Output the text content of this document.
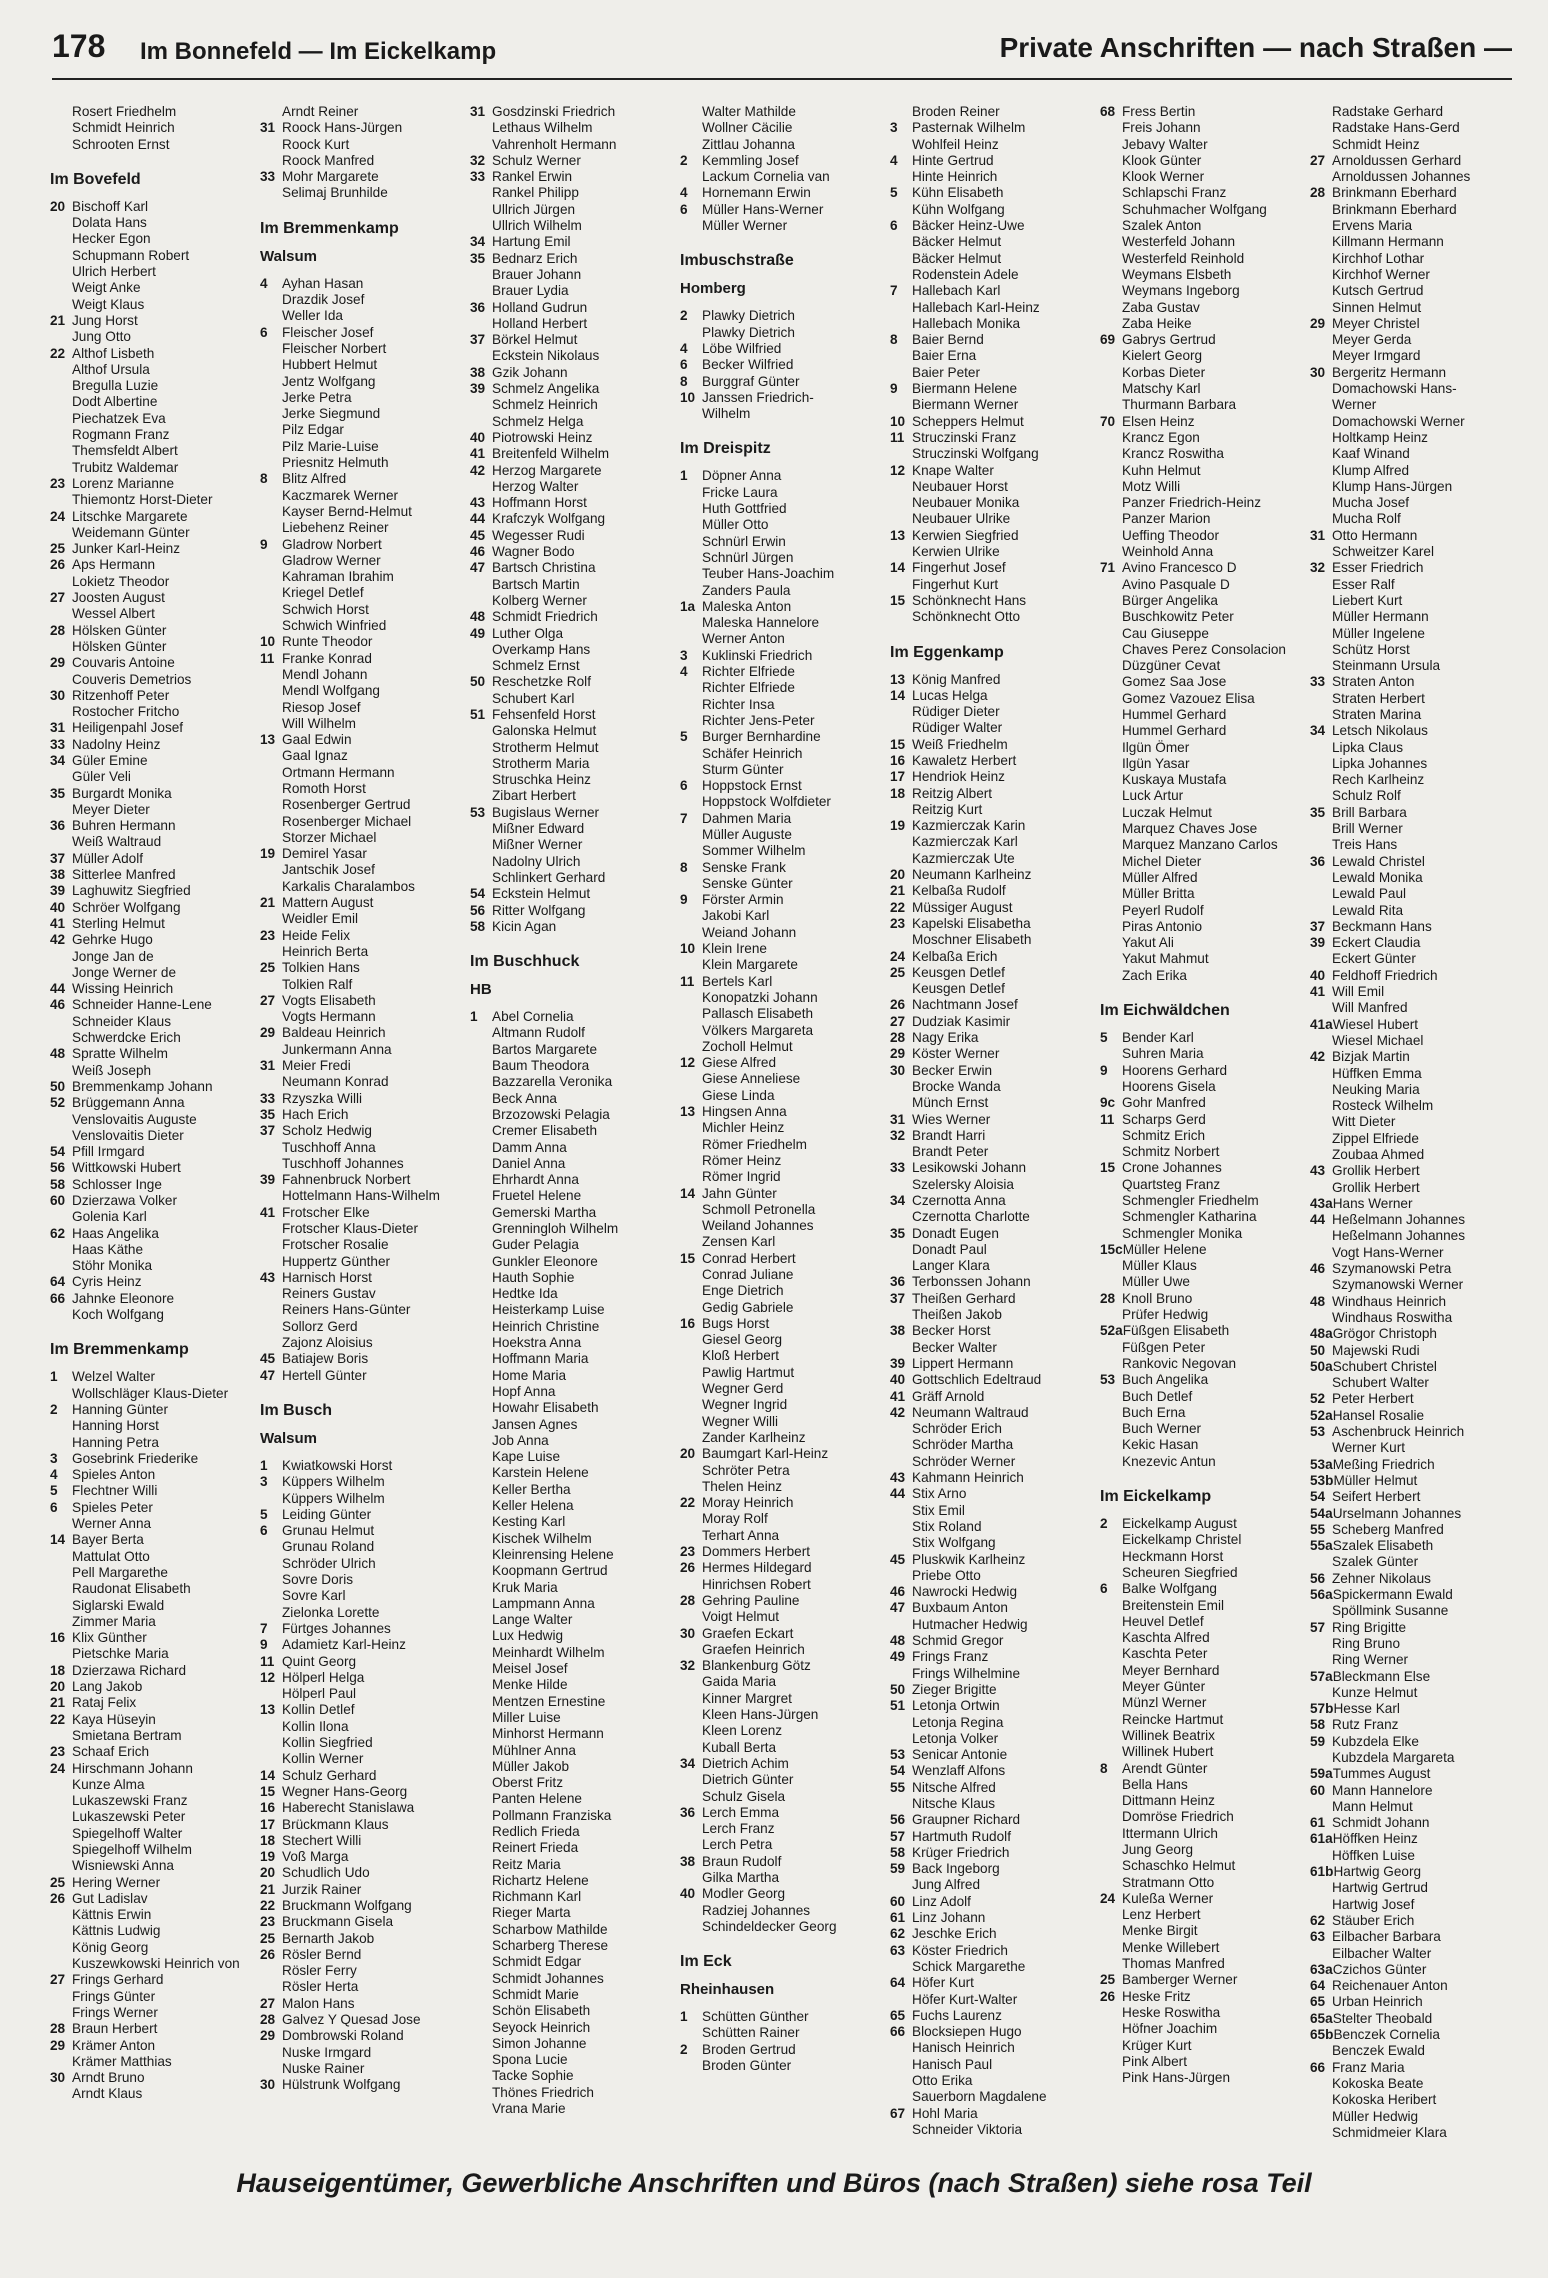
178 Im Bonnefeld — Im Eickelkamp	Private Anschriften — nach Straßen —
Rosert Friedhelm
Schmidt Heinrich
Schrooten Ernst
Im Bovefeld
20 Bischoff Karl
Dolata Hans
Hecker Egon
Schupmann Robert
Ulrich Herbert
Weigt Anke
Weigt Klaus
21 Jung Horst
Jung Otto
22 Althof Lisbeth
Althof Ursula
Bregulla Luzie
Dodt Albertine
Piechatzek Eva
Rogmann Franz
Themsfeldt Albert
Trubitz Waldemar
23 Lorenz Marianne
Thiemontz Horst-Dieter
24 Litschke Margarete
Weidemann Günter
25 Junker Karl-Heinz
26 Aps Hermann
Lokietz Theodor
27 Joosten August
Wessel Albert
28 Hölsken Günter
Hölsken Günter
29 Couvaris Antoine
Couveris Demetrios
30 Ritzenhoff Peter
Rostocher Fritcho
31 Heiligenpahl Josef
33 Nadolny Heinz
34 Güler Emine
Güler Veli
35 Burgardt Monika
Meyer Dieter
36 Buhren Hermann
Weiß Waltraud
37 Müller Adolf
38 Sitterlee Manfred
39 Laghuwitz Siegfried
40 Schröer Wolfgang
41 Sterling Helmut
42 Gehrke Hugo
Jonge Jan de
Jonge Werner de
44 Wissing Heinrich
46 Schneider Hanne-Lene
Schneider Klaus
Schwerdcke Erich
48 Spratte Wilhelm
Weiß Joseph
50 Bremmenkamp Johann
52 Brüggemann Anna
Venslovaitis Auguste
Venslovaitis Dieter
54 Pfill Irmgard
56 Wittkowski Hubert
58 Schlosser Inge
60 Dzierzawa Volker
Golenia Karl
62 Haas Angelika
Haas Käthe
Stöhr Monika
64 Cyris Heinz
66 Jahnke Eleonore
Koch Wolfgang
Im Bremmenkamp
1 Welzel Walter
Wollschläger Klaus-Dieter
2 Hanning Günter
Hanning Horst
Hanning Petra
3 Gosebrink Friederike
4 Spieles Anton
5 Flechtner Willi
6 Spieles Peter
Werner Anna
14 Bayer Berta
Mattulat Otto
Pell Margarethe
Raudonat Elisabeth
Siglarski Ewald
Zimmer Maria
16 Klix Günther
Pietschke Maria
18 Dzierzawa Richard
20 Lang Jakob
21 Rataj Felix
22 Kaya Hüseyin
Smietana Bertram
23 Schaaf Erich
24 Hirschmann Johann
Kunze Alma
Lukaszewski Franz
Lukaszewski Peter
Spiegelhoff Walter
Spiegelhoff Wilhelm
Wisniewski Anna
25 Hering Werner
26 Gut Ladislav
Kättnis Erwin
Kättnis Ludwig
König Georg
Kuszewkowski Heinrich von
27 Frings Gerhard
Frings Günter
Frings Werner
28 Braun Herbert
29 Krämer Anton
Krämer Matthias
30 Arndt Bruno
Arndt Klaus
Arndt Reiner
31 Roock Hans-Jürgen
Roock Kurt
Roock Manfred
33 Mohr Margarete
Selimaj Brunhilde
Im Bremmenkamp
Walsum
4 Ayhan Hasan
Drazdik Josef
Weller Ida
6 Fleischer Josef
Fleischer Norbert
Hubbert Helmut
Jentz Wolfgang
Jerke Petra
Jerke Siegmund
Pilz Edgar
Pilz Marie-Luise
Priesnitz Helmuth
8 Blitz Alfred
Kaczmarek Werner
Kayser Bernd-Helmut
Liebehenz Reiner
9 Gladrow Norbert
Gladrow Werner
Kahraman Ibrahim
Kriegel Detlef
Schwich Horst
Schwich Winfried
10 Runte Theodor
11 Franke Konrad
Mendl Johann
Mendl Wolfgang
Riesop Josef
Will Wilhelm
13 Gaal Edwin
Gaal Ignaz
Ortmann Hermann
Romoth Horst
Rosenberger Gertrud
Rosenberger Michael
Storzer Michael
19 Demirel Yasar
Jantschik Josef
Karkalis Charalambos
21 Mattern August
Weidler Emil
23 Heide Felix
Heinrich Berta
25 Tolkien Hans
Tolkien Ralf
27 Vogts Elisabeth
Vogts Hermann
29 Baldeau Heinrich
Junkermann Anna
31 Meier Fredi
Neumann Konrad
33 Rzyszka Willi
35 Hach Erich
37 Scholz Hedwig
Tuschhoff Anna
Tuschhoff Johannes
39 Fahnenbruck Norbert
Hottelmann Hans-Wilhelm
41 Frotscher Elke
Frotscher Klaus-Dieter
Frotscher Rosalie
Huppertz Günther
43 Harnisch Horst
Reiners Gustav
Reiners Hans-Günter
Sollorz Gerd
Zajonz Aloisius
45 Batiajew Boris
47 Hertell Günter
Im Busch
Walsum
1 Kwiatkowski Horst
3 Küppers Wilhelm
Küppers Wilhelm
5 Leiding Günter
6 Grunau Helmut
Grunau Roland
Schröder Ulrich
Sovre Doris
Sovre Karl
Zielonka Lorette
7 Fürtges Johannes
9 Adamietz Karl-Heinz
11 Quint Georg
12 Hölperl Helga
Hölperl Paul
13 Kollin Detlef
Kollin Ilona
Kollin Siegfried
Kollin Werner
14 Schulz Gerhard
15 Wegner Hans-Georg
16 Haberecht Stanislawa
17 Brückmann Klaus
18 Stechert Willi
19 Voß Marga
20 Schudlich Udo
21 Jurzik Rainer
22 Bruckmann Wolfgang
23 Bruckmann Gisela
25 Bernarth Jakob
26 Rösler Bernd
Rösler Ferry
Rösler Herta
27 Malon Hans
28 Galvez Y Quesad Jose
29 Dombrowski Roland
Nuske Irmgard
Nuske Rainer
30 Hülstrunk Wolfgang
31 Gosdzinski Friedrich
Lethaus Wilhelm
Vahrenholt Hermann
32 Schulz Werner
33 Rankel Erwin
Rankel Philipp
Ullrich Jürgen
Ullrich Wilhelm
34 Hartung Emil
35 Bednarz Erich
Brauer Johann
Brauer Lydia
36 Holland Gudrun
Holland Herbert
37 Börkel Helmut
Eckstein Nikolaus
38 Gzik Johann
39 Schmelz Angelika
Schmelz Heinrich
Schmelz Helga
40 Piotrowski Heinz
41 Breitenfeld Wilhelm
42 Herzog Margarete
Herzog Walter
43 Hoffmann Horst
44 Krafczyk Wolfgang
45 Wegesser Rudi
46 Wagner Bodo
47 Bartsch Christina
Bartsch Martin
Kolberg Werner
48 Schmidt Friedrich
49 Luther Olga
Overkamp Hans
Schmelz Ernst
50 Reschetzke Rolf
Schubert Karl
51 Fehsenfeld Horst
Galonska Helmut
Strotherm Helmut
Strotherm Maria
Struschka Heinz
Zibart Herbert
53 Bugislaus Werner
Mißner Edward
Mißner Werner
Nadolny Ulrich
Schlinkert Gerhard
54 Eckstein Helmut
56 Ritter Wolfgang
58 Kicin Agan
Im Buschhuck
HB
1 Abel Cornelia
Altmann Rudolf
Bartos Margarete
Baum Theodora
Bazzarella Veronika
Beck Anna
Brzozowski Pelagia
Cremer Elisabeth
Damm Anna
Daniel Anna
Ehrhardt Anna
Fruetel Helene
Gemerski Martha
Grenningloh Wilhelm
Guder Pelagia
Gunkler Eleonore
Hauth Sophie
Hedtke Ida
Heisterkamp Luise
Heinrich Christine
Hoekstra Anna
Hoffmann Maria
Home Maria
Hopf Anna
Howahr Elisabeth
Jansen Agnes
Job Anna
Kape Luise
Karstein Helene
Keller Bertha
Keller Helena
Kesting Karl
Kischek Wilhelm
Kleinrensing Helene
Koopmann Gertrud
Kruk Maria
Lampmann Anna
Lange Walter
Lux Hedwig
Meinhardt Wilhelm
Meisel Josef
Menke Hilde
Mentzen Ernestine
Miller Luise
Minhorst Hermann
Mühlner Anna
Müller Jakob
Oberst Fritz
Panten Helene
Pollmann Franziska
Redlich Frieda
Reinert Frieda
Reitz Maria
Richartz Helene
Richmann Karl
Rieger Marta
Scharbow Mathilde
Scharberg Therese
Schmidt Edgar
Schmidt Johannes
Schmidt Marie
Schön Elisabeth
Seyock Heinrich
Simon Johanne
Spona Lucie
Tacke Sophie
Thönes Friedrich
Vrana Marie
Walter Mathilde
Wollner Cäcilie
Zittlau Johanna
2 Kemmling Josef
Lackum Cornelia van
4 Hornemann Erwin
6 Müller Hans-Werner
Müller Werner
Imbuschstraße
Homberg
2 Plawky Dietrich
Plawky Dietrich
4 Löbe Wilfried
6 Becker Wilfried
8 Burggraf Günter
10 Janssen Friedrich-
Wilhelm
Im Dreispitz
1 Döpner Anna
Fricke Laura
Huth Gottfried
Müller Otto
Schnürl Erwin
Schnürl Jürgen
Teuber Hans-Joachim
Zanders Paula
1a Maleska Anton
Maleska Hannelore
Werner Anton
3 Kuklinski Friedrich
4 Richter Elfriede
Richter Elfriede
Richter Insa
Richter Jens-Peter
5 Burger Bernhardine
Schäfer Heinrich
Sturm Günter
6 Hoppstock Ernst
Hoppstock Wolfdieter
7 Dahmen Maria
Müller Auguste
Sommer Wilhelm
8 Senske Frank
Senske Günter
9 Förster Armin
Jakobi Karl
Weiand Johann
10 Klein Irene
Klein Margarete
11 Bertels Karl
Konopatzki Johann
Pallasch Elisabeth
Völkers Margareta
Zocholl Helmut
12 Giese Alfred
Giese Anneliese
Giese Linda
13 Hingsen Anna
Michler Heinz
Römer Friedhelm
Römer Heinz
Römer Ingrid
14 Jahn Günter
Schmoll Petronella
Weiland Johannes
Zensen Karl
15 Conrad Herbert
Conrad Juliane
Enge Dietrich
Gedig Gabriele
16 Bugs Horst
Giesel Georg
Kloß Herbert
Pawlig Hartmut
Wegner Gerd
Wegner Ingrid
Wegner Willi
Zander Karlheinz
20 Baumgart Karl-Heinz
Schröter Petra
Thelen Heinz
22 Moray Heinrich
Moray Rolf
Terhart Anna
23 Dommers Herbert
26 Hermes Hildegard
Hinrichsen Robert
28 Gehring Pauline
Voigt Helmut
30 Graefen Eckart
Graefen Heinrich
32 Blankenburg Götz
Gaida Maria
Kinner Margret
Kleen Hans-Jürgen
Kleen Lorenz
Kuball Berta
34 Dietrich Achim
Dietrich Günter
Schulz Gisela
36 Lerch Emma
Lerch Franz
Lerch Petra
38 Braun Rudolf
Gilka Martha
40 Modler Georg
Radziej Johannes
Schindeldecker Georg
Im Eck
Rheinhausen
1 Schütten Günther
Schütten Rainer
2 Broden Gertrud
Broden Günter
Broden Reiner
3 Pasternak Wilhelm
Wohlfeil Heinz
4 Hinte Gertrud
Hinte Heinrich
5 Kühn Elisabeth
Kühn Wolfgang
6 Bäcker Heinz-Uwe
Bäcker Helmut
Bäcker Helmut
Rodenstein Adele
7 Hallebach Karl
Hallebach Karl-Heinz
Hallebach Monika
8 Baier Bernd
Baier Erna
Baier Peter
9 Biermann Helene
Biermann Werner
10 Scheppers Helmut
11 Struczinski Franz
Struczinski Wolfgang
12 Knape Walter
Neubauer Horst
Neubauer Monika
Neubauer Ulrike
13 Kerwien Siegfried
Kerwien Ulrike
14 Fingerhut Josef
Fingerhut Kurt
15 Schönknecht Hans
Schönknecht Otto
Im Eggenkamp
13 König Manfred
14 Lucas Helga
Rüdiger Dieter
Rüdiger Walter
15 Weiß Friedhelm
16 Kawaletz Herbert
17 Hendriok Heinz
18 Reitzig Albert
Reitzig Kurt
19 Kazmierczak Karin
Kazmierczak Karl
Kazmierczak Ute
20 Neumann Karlheinz
21 Kelbaßa Rudolf
22 Müssiger August
23 Kapelski Elisabetha
Moschner Elisabeth
24 Kelbaßa Erich
25 Keusgen Detlef
Keusgen Detlef
26 Nachtmann Josef
27 Dudziak Kasimir
28 Nagy Erika
29 Köster Werner
30 Becker Erwin
Brocke Wanda
Münch Ernst
31 Wies Werner
32 Brandt Harri
Brandt Peter
33 Lesikowski Johann
Szelersky Aloisia
34 Czernotta Anna
Czernotta Charlotte
35 Donadt Eugen
Donadt Paul
Langer Klara
36 Terbonssen Johann
37 Theißen Gerhard
Theißen Jakob
38 Becker Horst
Becker Walter
39 Lippert Hermann
40 Gottschlich Edeltraud
41 Gräff Arnold
42 Neumann Waltraud
Schröder Erich
Schröder Martha
Schröder Werner
43 Kahmann Heinrich
44 Stix Arno
Stix Emil
Stix Roland
Stix Wolfgang
45 Pluskwik Karlheinz
Priebe Otto
46 Nawrocki Hedwig
47 Buxbaum Anton
Hutmacher Hedwig
48 Schmid Gregor
49 Frings Franz
Frings Wilhelmine
50 Zieger Brigitte
51 Letonja Ortwin
Letonja Regina
Letonja Volker
53 Senicar Antonie
54 Wenzlaff Alfons
55 Nitsche Alfred
Nitsche Klaus
56 Graupner Richard
57 Hartmuth Rudolf
58 Krüger Friedrich
59 Back Ingeborg
Jung Alfred
60 Linz Adolf
61 Linz Johann
62 Jeschke Erich
63 Köster Friedrich
Schick Margarethe
64 Höfer Kurt
Höfer Kurt-Walter
65 Fuchs Laurenz
66 Blocksiepen Hugo
Hanisch Heinrich
Hanisch Paul
Otto Erika
Sauerborn Magdalene
67 Hohl Maria
Schneider Viktoria
68 Fress Bertin
Freis Johann
Jebavy Walter
Klook Günter
Klook Werner
Schlapschi Franz
Schuhmacher Wolfgang
Szalek Anton
Westerfeld Johann
Westerfeld Reinhold
Weymans Elsbeth
Weymans Ingeborg
Zaba Gustav
Zaba Heike
69 Gabrys Gertrud
Kielert Georg
Korbas Dieter
Matschy Karl
Thurmann Barbara
70 Elsen Heinz
Krancz Egon
Krancz Roswitha
Kuhn Helmut
Motz Willi
Panzer Friedrich-Heinz
Panzer Marion
Ueffing Theodor
Weinhold Anna
71 Avino Francesco D
Avino Pasquale D
Bürger Angelika
Buschkowitz Peter
Cau Giuseppe
Chaves Perez Consolacion
Düzgüner Cevat
Gomez Saa Jose
Gomez Vazouez Elisa
Hummel Gerhard
Hummel Gerhard
Ilgün Ömer
Ilgün Yasar
Kuskaya Mustafa
Luck Artur
Luczak Helmut
Marquez Chaves Jose
Marquez Manzano Carlos
Michel Dieter
Müller Alfred
Müller Britta
Peyerl Rudolf
Piras Antonio
Yakut Ali
Yakut Mahmut
Zach Erika
Im Eichwäldchen
5 Bender Karl
Suhren Maria
9 Hoorens Gerhard
Hoorens Gisela
9c Gohr Manfred
11 Scharps Gerd
Schmitz Erich
Schmitz Norbert
15 Crone Johannes
Quartsteg Franz
Schmengler Friedhelm
Schmengler Katharina
Schmengler Monika
15cMüller Helene
Müller Klaus
Müller Uwe
28 Knoll Bruno
Prüfer Hedwig
52aFüßgen Elisabeth
Füßgen Peter
Rankovic Negovan
53 Buch Angelika
Buch Detlef
Buch Erna
Buch Werner
Kekic Hasan
Knezevic Antun
Im Eickelkamp
2 Eickelkamp August
Eickelkamp Christel
Heckmann Horst
Scheuren Siegfried
6 Balke Wolfgang
Breitenstein Emil
Heuvel Detlef
Kaschta Alfred
Kaschta Peter
Meyer Bernhard
Meyer Günter
Münzl Werner
Reincke Hartmut
Willinek Beatrix
Willinek Hubert
8 Arendt Günter
Bella Hans
Dittmann Heinz
Domröse Friedrich
Ittermann Ulrich
Jung Georg
Schaschko Helmut
Stratmann Otto
24 Kuleßa Werner
Lenz Herbert
Menke Birgit
Menke Willebert
Thomas Manfred
25 Bamberger Werner
26 Heske Fritz
Heske Roswitha
Höfner Joachim
Krüger Kurt
Pink Albert
Pink Hans-Jürgen
Radstake Gerhard
Radstake Hans-Gerd
Schmidt Heinz
27 Arnoldussen Gerhard
Arnoldussen Johannes
28 Brinkmann Eberhard
Brinkmann Eberhard
Ervens Maria
Killmann Hermann
Kirchhof Lothar
Kirchhof Werner
Kutsch Gertrud
Sinnen Helmut
29 Meyer Christel
Meyer Gerda
Meyer Irmgard
30 Bergeritz Hermann
Domachowski Hans-
Werner
Domachowski Werner
Holtkamp Heinz
Kaaf Winand
Klump Alfred
Klump Hans-Jürgen
Mucha Josef
Mucha Rolf
31 Otto Hermann
Schweitzer Karel
32 Esser Friedrich
Esser Ralf
Liebert Kurt
Müller Hermann
Müller Ingelene
Schütz Horst
Steinmann Ursula
33 Straten Anton
Straten Herbert
Straten Marina
34 Letsch Nikolaus
Lipka Claus
Lipka Johannes
Rech Karlheinz
Schulz Rolf
35 Brill Barbara
Brill Werner
Treis Hans
36 Lewald Christel
Lewald Monika
Lewald Paul
Lewald Rita
37 Beckmann Hans
39 Eckert Claudia
Eckert Günter
40 Feldhoff Friedrich
41 Will Emil
Will Manfred
41aWiesel Hubert
Wiesel Michael
42 Bizjak Martin
Hüffken Emma
Neuking Maria
Rosteck Wilhelm
Witt Dieter
Zippel Elfriede
Zoubaa Ahmed
43 Grollik Herbert
Grollik Herbert
43aHans Werner
44 Heßelmann Johannes
Heßelmann Johannes
Vogt Hans-Werner
46 Szymanowski Petra
Szymanowski Werner
48 Windhaus Heinrich
Windhaus Roswitha
48aGrögor Christoph
50 Majewski Rudi
50aSchubert Christel
Schubert Walter
52 Peter Herbert
52aHansel Rosalie
53 Aschenbruck Heinrich
Werner Kurt
53aMeßing Friedrich
53bMüller Helmut
54 Seifert Herbert
54aUrselmann Johannes
55 Scheberg Manfred
55aSzalek Elisabeth
Szalek Günter
56 Zehner Nikolaus
56aSpickermann Ewald
Spöllmink Susanne
57 Ring Brigitte
Ring Bruno
Ring Werner
57aBleckmann Else
Kunze Helmut
57bHesse Karl
58 Rutz Franz
59 Kubzdela Elke
Kubzdela Margareta
59aTummes August
60 Mann Hannelore
Mann Helmut
61 Schmidt Johann
61aHöffken Heinz
Höffken Luise
61bHartwig Georg
Hartwig Gertrud
Hartwig Josef
62 Stäuber Erich
63 Eilbacher Barbara
Eilbacher Walter
63aCzichos Günter
64 Reichenauer Anton
65 Urban Heinrich
65aStelter Theobald
65bBenczek Cornelia
Benczek Ewald
66 Franz Maria
Kokoska Beate
Kokoska Heribert
Müller Hedwig
Schmidmeier Klara
Hauseigentümer, Gewerbliche Anschriften und Büros (nach Straßen) siehe rosa Teil
